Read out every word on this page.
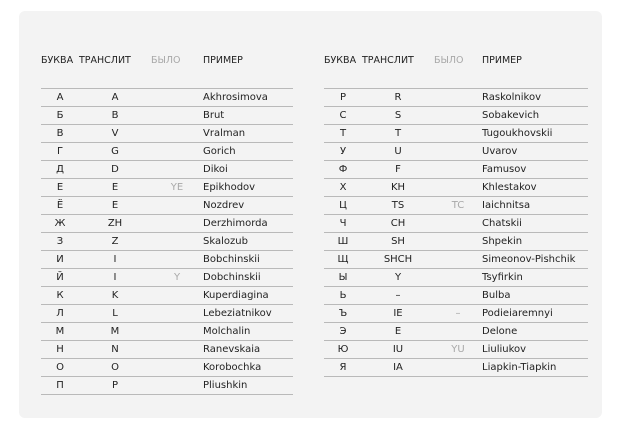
БУКВА	ТРАНСЛИТ	БЫЛО	ПРИМЕР

А	A		Akhrosimova
Б	B		Brut
В	V		Vralman
Г	G		Gorich
Д	D		Dikoi
Е	E	YE	Epikhodov
Ё	E		Nozdrev
Ж	ZH		Derzhimorda
З	Z		Skalozub
И	I		Bobchinskii
Й	I	Y	Dobchinskii
К	K		Kuperdiagina
Л	L		Lebeziatnikov
М	M		Molchalin
Н	N		Ranevskaia
О	O		Korobochka
П	P		Pliushkin
БУКВА	ТРАНСЛИТ	БЫЛО	ПРИМЕР

Р	R		Raskolnikov
С	S		Sobakevich
Т	T		Tugoukhovskii
У	U		Uvarov
Ф	F		Famusov
Х	KH		Khlestakov
Ц	TS	TC	Iaichnitsa
Ч	CH		Chatskii
Ш	SH		Shpekin
Щ	SHCH		Simeonov-Pishchik
Ы	Y		Tsyfirkin
Ь	–		Bulba
Ъ	IE	–	Podieiaremnyi
Э	E		Delone
Ю	IU	YU	Liuliukov
Я	IA		Liapkin-Tiapkin
